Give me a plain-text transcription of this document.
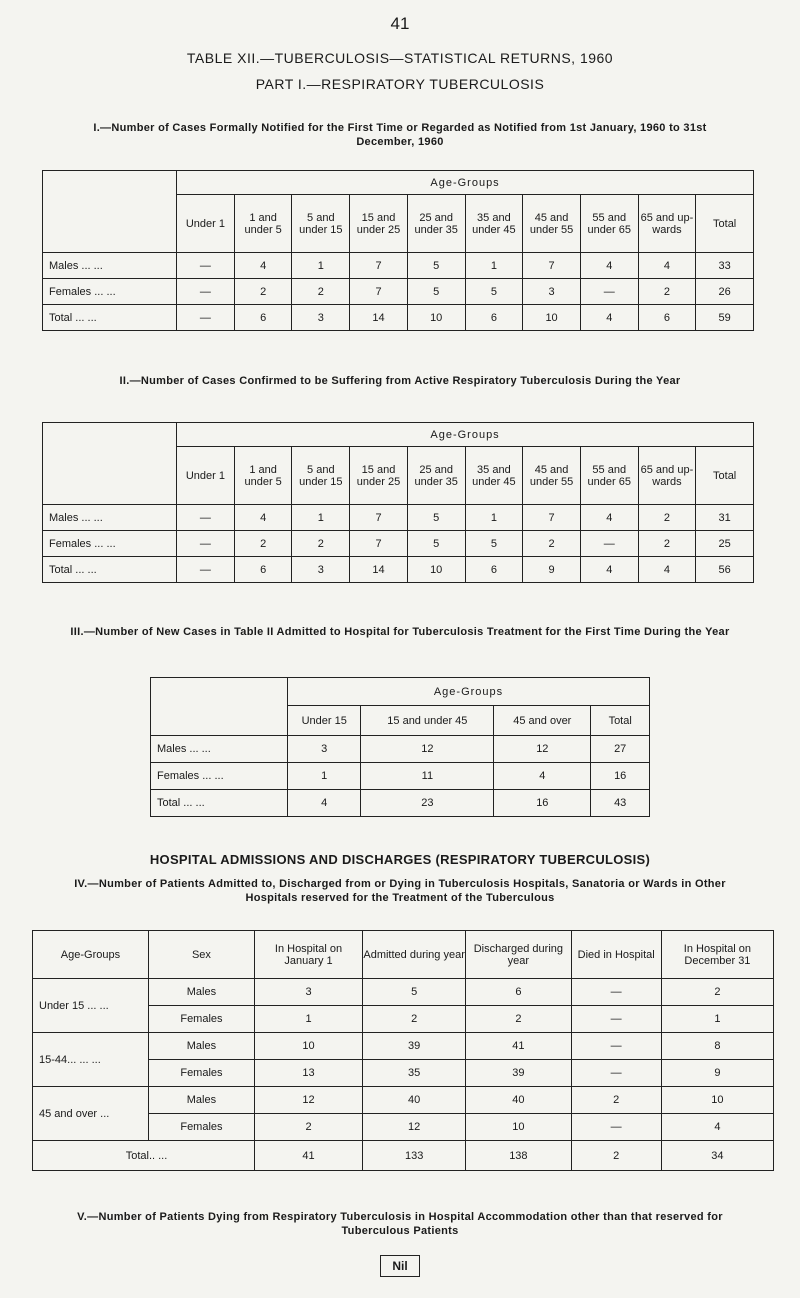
41
TABLE XII.—TUBERCULOSIS—STATISTICAL RETURNS, 1960
PART I.—RESPIRATORY TUBERCULOSIS
I.—Number of Cases Formally Notified for the First Time or Regarded as Notified from 1st January, 1960 to 31st December, 1960
	Age-Groups									
	Under 1	1 and under 5	5 and under 15	15 and under 25	25 and under 35	35 and under 45	45 and under 55	55 and under 65	65 and up-wards	Total
Males ... ...	—	4	1	7	5	1	7	4	4	33
Females ... ...	—	2	2	7	5	5	3	—	2	26
Total ... ...	—	6	3	14	10	6	10	4	6	59
II.—Number of Cases Confirmed to be Suffering from Active Respiratory Tuberculosis During the Year
	Age-Groups									
	Under 1	1 and under 5	5 and under 15	15 and under 25	25 and under 35	35 and under 45	45 and under 55	55 and under 65	65 and up-wards	Total
Males ... ...	—	4	1	7	5	1	7	4	2	31
Females ... ...	—	2	2	7	5	5	2	—	2	25
Total ... ...	—	6	3	14	10	6	9	4	4	56
III.—Number of New Cases in Table II Admitted to Hospital for Tuberculosis Treatment for the First Time During the Year
	Age-Groups			
	Under 15	15 and under 45	45 and over	Total
Males ... ...	3	12	12	27
Females ... ...	1	11	4	16
Total ... ...	4	23	16	43
HOSPITAL ADMISSIONS AND DISCHARGES (RESPIRATORY TUBERCULOSIS)
IV.—Number of Patients Admitted to, Discharged from or Dying in Tuberculosis Hospitals, Sanatoria or Wards in Other Hospitals reserved for the Treatment of the Tuberculous
Age-Groups	Sex	In Hospital on January 1	Admitted during year	Discharged during year	Died in Hospital	In Hospital on December 31
Under 15 ... ...	Males	3	5	6	—	2
	Females	1	2	2	—	1
15-44... ... ...	Males	10	39	41	—	8
	Females	13	35	39	—	9
45 and over ...	Males	12	40	40	2	10
	Females	2	12	10	—	4
Total.. ...		41	133	138	2	34
V.—Number of Patients Dying from Respiratory Tuberculosis in Hospital Accommodation other than that reserved for Tuberculous Patients
Nil
